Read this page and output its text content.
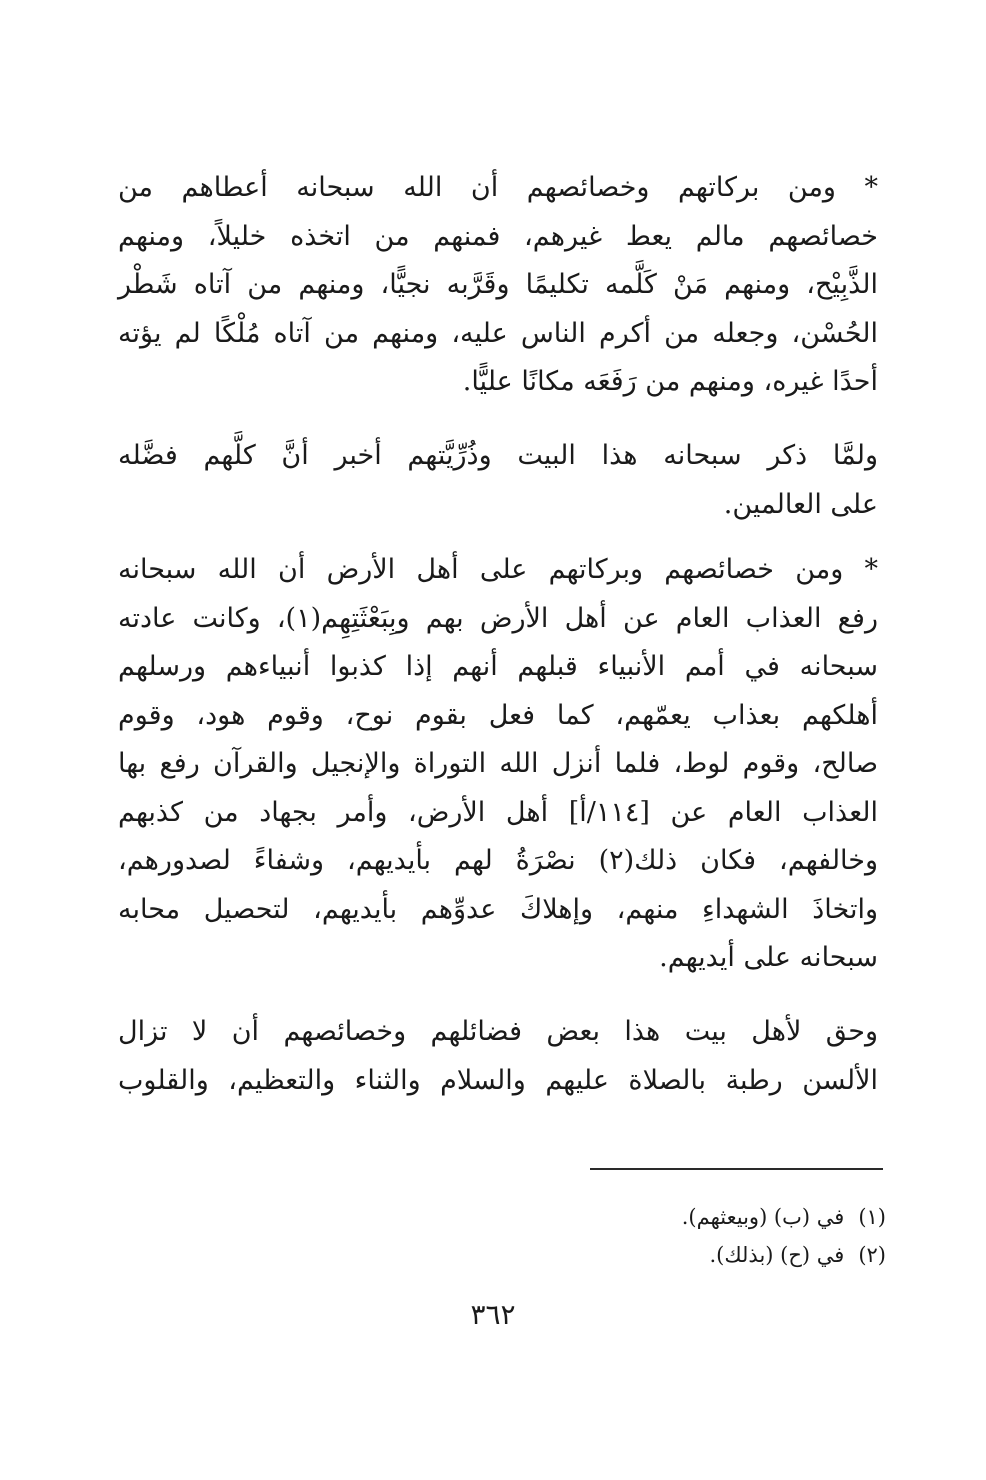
* ومن بركاتهم وخصائصهم أن الله سبحانه أعطاهم من
خصائصهم مالم يعط غيرهم، فمنهم من اتخذه خليلاً، ومنهم
الذَّبِيْح، ومنهم مَنْ كَلَّمه تكليمًا وقَرَّبه نجيًّا، ومنهم من آتاه شَطْر
الحُسْن، وجعله من أكرم الناس عليه، ومنهم من آتاه مُلْكًا لم يؤته
أحدًا غيره، ومنهم من رَفَعَه مكانًا عليًّا.
ولمَّا ذكر سبحانه هذا البيت وذُرِّيَّتهم أخبر أنَّ كلَّهم فضَّله
على العالمين.
* ومن خصائصهم وبركاتهم على أهل الأرض أن الله سبحانه
رفع العذاب العام عن أهل الأرض بهم وبِبَعْثَتِهِم(١)، وكانت عادته
سبحانه في أمم الأنبياء قبلهم أنهم إذا كذبوا أنبياءهم ورسلهم
أهلكهم بعذاب يعمّهم، كما فعل بقوم نوح، وقوم هود، وقوم
صالح، وقوم لوط، فلما أنزل الله التوراة والإنجيل والقرآن رفع بها
العذاب العام عن [١١٤/أ] أهل الأرض، وأمر بجهاد من كذبهم
وخالفهم، فكان ذلك(٢) نصْرَةُ لهم بأيديهم، وشفاءً لصدورهم،
واتخاذَ الشهداءِ منهم، وإهلاكَ عدوِّهم بأيديهم، لتحصيل محابه
سبحانه على أيديهم.
وحق لأهل بيت هذا بعض فضائلهم وخصائصهم أن لا تزال
الألسن رطبة بالصلاة عليهم والسلام والثناء والتعظيم، والقلوب
(١)في (ب) (وبيعثهم).
(٢)في (ح) (بذلك).
٣٦٢
